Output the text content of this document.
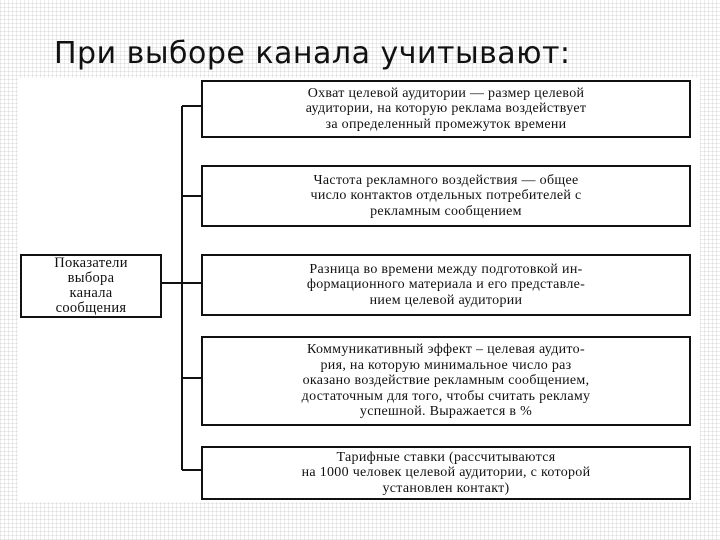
При выборе канала учитывают:
Показатели
выбора
канала
сообщения
Охват целевой аудитории — размер целевой
аудитории, на которую реклама воздействует
за определенный промежуток времени
Частота рекламного воздействия — общее
число контактов отдельных потребителей с
рекламным сообщением
Разница во времени между подготовкой ин-
формационного материала и его представле-
нием целевой аудитории
Коммуникативный эффект – целевая аудито-
рия, на которую минимальное число раз
оказано воздействие рекламным сообщением,
достаточным для того, чтобы считать рекламу
успешной. Выражается в %
Тарифные ставки (рассчитываются
на 1000 человек целевой аудитории, с которой
установлен контакт)
